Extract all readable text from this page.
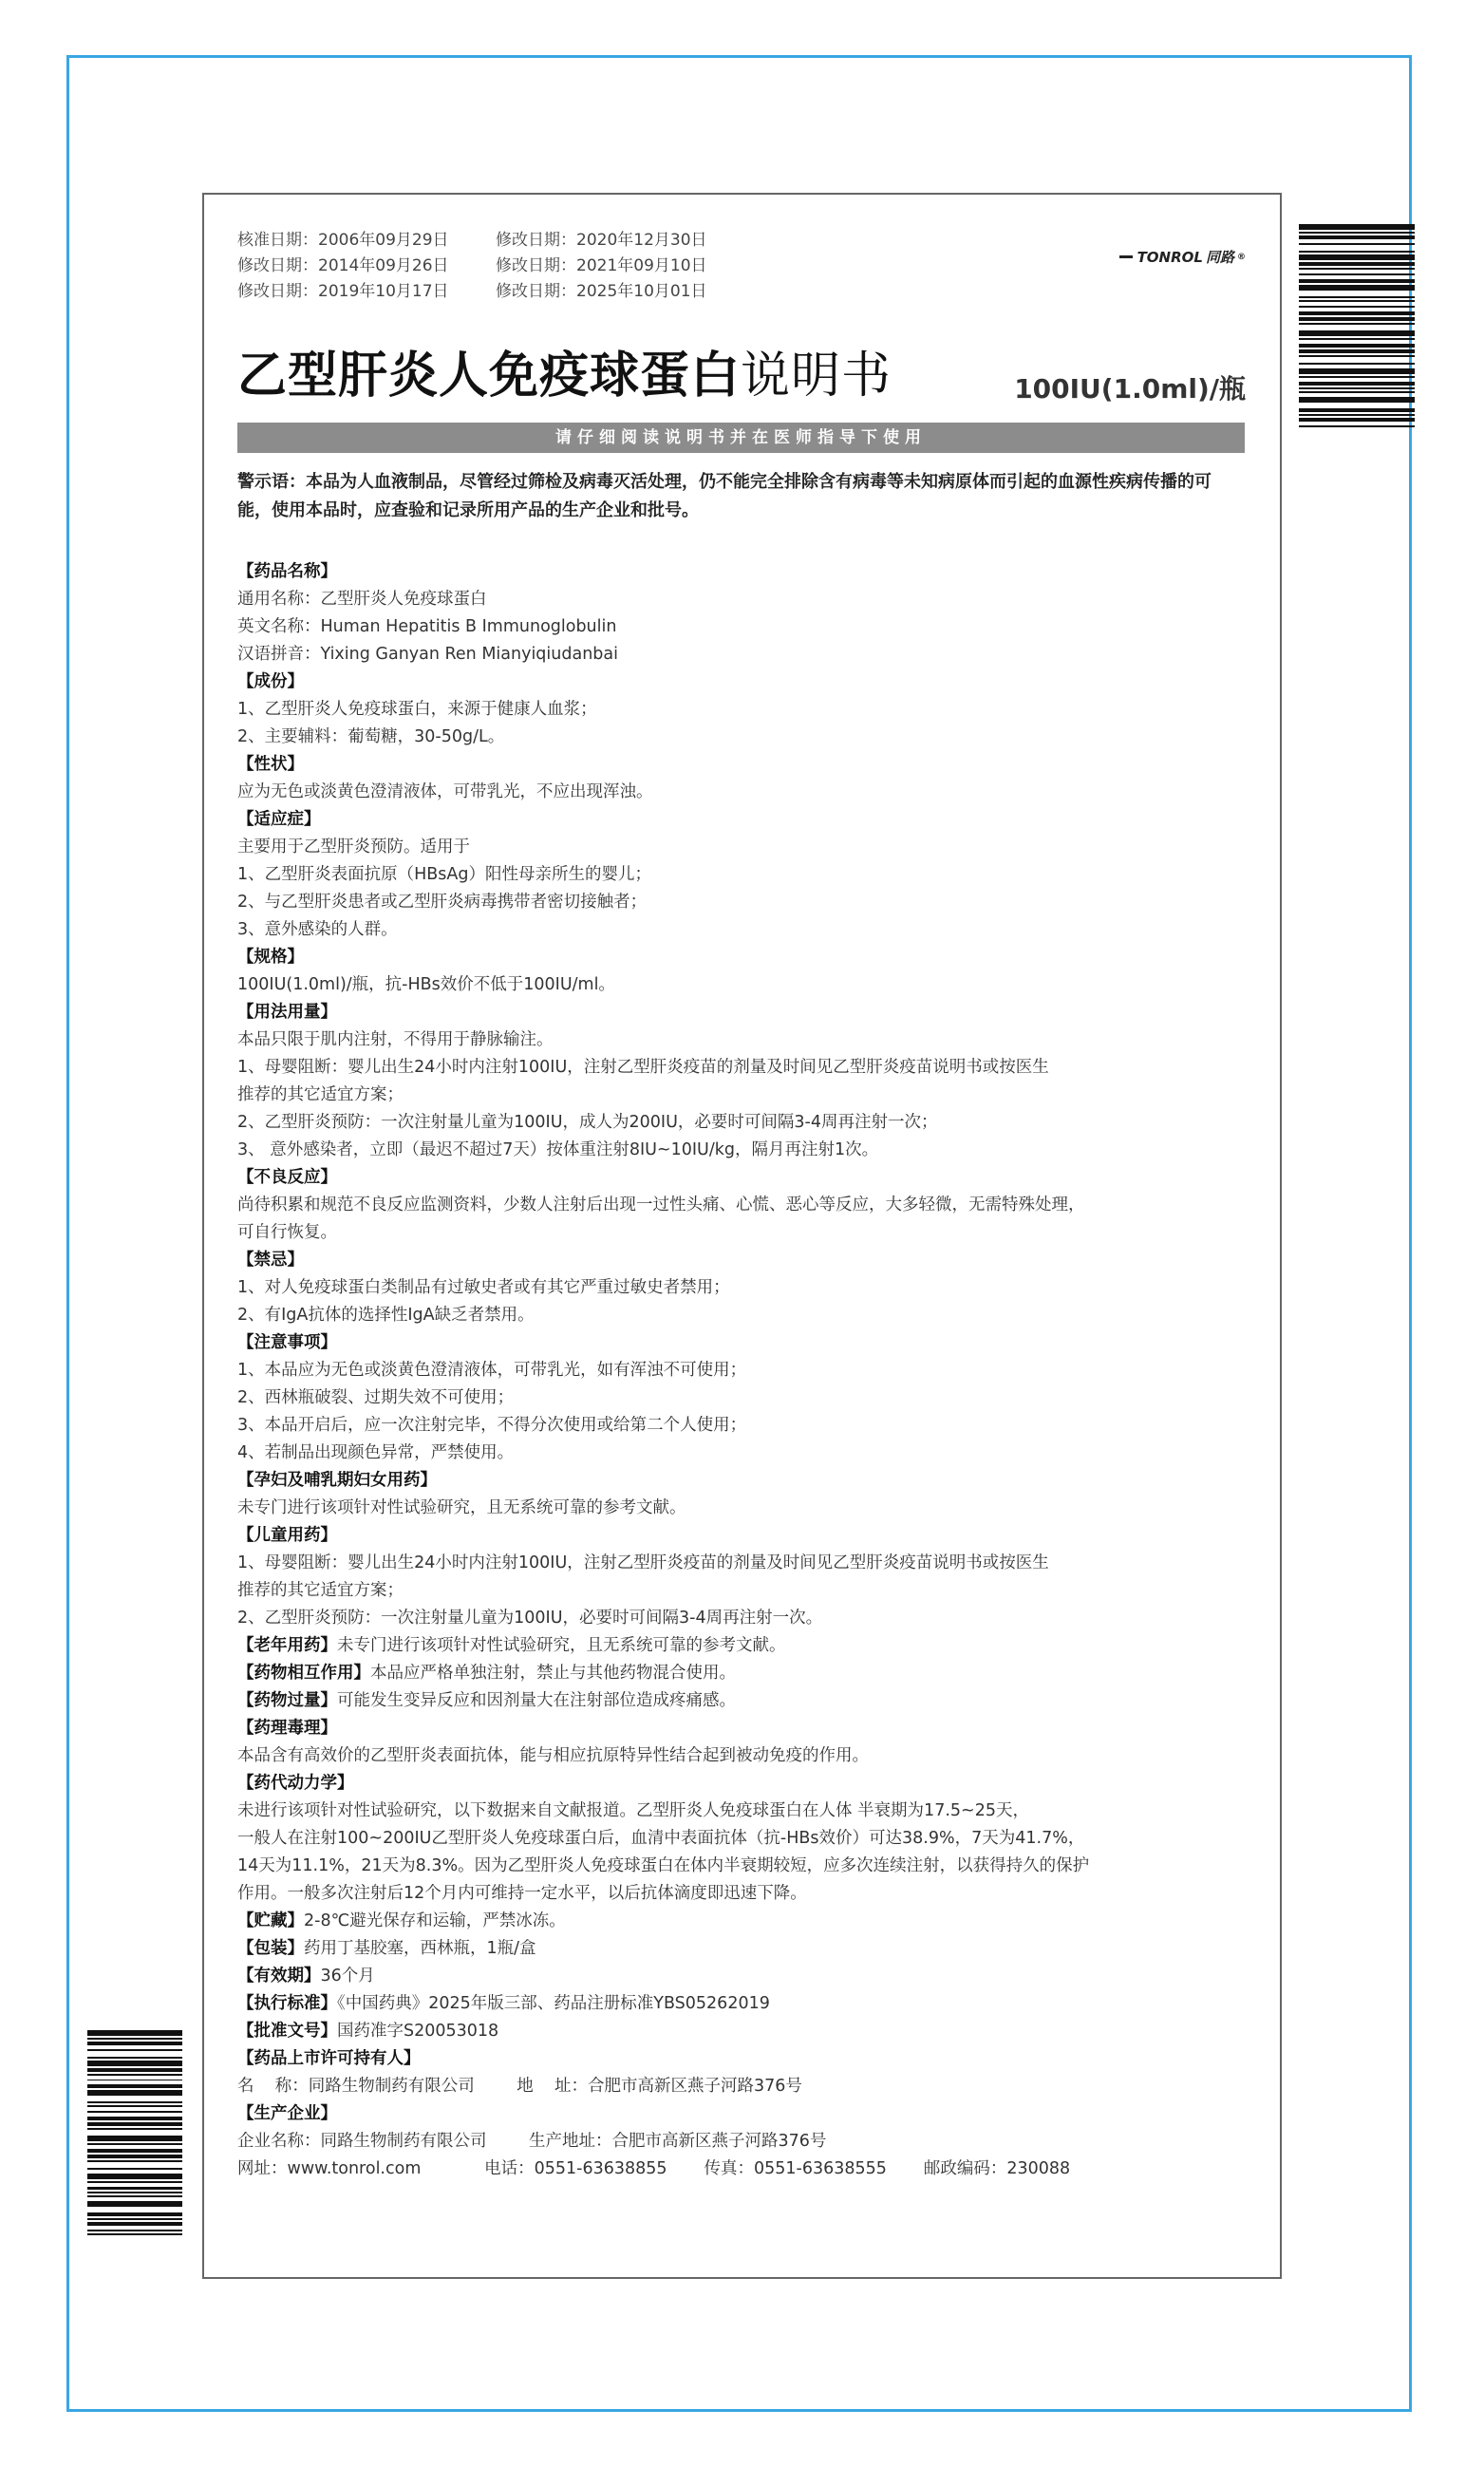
核准日期：2006年09月29日	修改日期：2020年12月30日
修改日期：2014年09月26日	修改日期：2021年09月10日
修改日期：2019年10月17日	修改日期：2025年10月01日
TONROL 同路 ®
乙型肝炎人免疫球蛋白说明书	100IU(1.0ml)/瓶
请仔细阅读说明书并在医师指导下使用
警示语：本品为人血液制品，尽管经过筛检及病毒灭活处理，仍不能完全排除含有病毒等未知病原体而引起的血源性疾病传播的可能，使用本品时，应查验和记录所用产品的生产企业和批号。

【药品名称】

通用名称：乙型肝炎人免疫球蛋白

英文名称：Human Hepatitis B Immunoglobulin

汉语拼音：Yixing Ganyan Ren Mianyiqiudanbai

【成份】

1、乙型肝炎人免疫球蛋白，来源于健康人血浆；

2、主要辅料：葡萄糖，30-50g/L。

【性状】

应为无色或淡黄色澄清液体，可带乳光，不应出现浑浊。

【适应症】

主要用于乙型肝炎预防。适用于

1、乙型肝炎表面抗原（HBsAg）阳性母亲所生的婴儿；

2、与乙型肝炎患者或乙型肝炎病毒携带者密切接触者；

3、意外感染的人群。

【规格】

100IU(1.0ml)/瓶，抗-HBs效价不低于100IU/ml。

【用法用量】

本品只限于肌内注射，不得用于静脉输注。

1、母婴阻断：婴儿出生24小时内注射100IU，注射乙型肝炎疫苗的剂量及时间见乙型肝炎疫苗说明书或按医生

推荐的其它适宜方案；

2、乙型肝炎预防：一次注射量儿童为100IU，成人为200IU，必要时可间隔3-4周再注射一次；

3、 意外感染者，立即（最迟不超过7天）按体重注射8IU~10IU/kg，隔月再注射1次。

【不良反应】

尚待积累和规范不良反应监测资料，少数人注射后出现一过性头痛、心慌、恶心等反应，大多轻微，无需特殊处理，

可自行恢复。

【禁忌】

1、对人免疫球蛋白类制品有过敏史者或有其它严重过敏史者禁用；

2、有IgA抗体的选择性IgA缺乏者禁用。

【注意事项】

1、本品应为无色或淡黄色澄清液体，可带乳光，如有浑浊不可使用；

2、西林瓶破裂、过期失效不可使用；

3、本品开启后，应一次注射完毕，不得分次使用或给第二个人使用；

4、若制品出现颜色异常，严禁使用。

【孕妇及哺乳期妇女用药】

未专门进行该项针对性试验研究，且无系统可靠的参考文献。

【儿童用药】

1、母婴阻断：婴儿出生24小时内注射100IU，注射乙型肝炎疫苗的剂量及时间见乙型肝炎疫苗说明书或按医生

推荐的其它适宜方案；

2、乙型肝炎预防：一次注射量儿童为100IU，必要时可间隔3-4周再注射一次。

【老年用药】未专门进行该项针对性试验研究，且无系统可靠的参考文献。

【药物相互作用】本品应严格单独注射，禁止与其他药物混合使用。

【药物过量】可能发生变异反应和因剂量大在注射部位造成疼痛感。

【药理毒理】

本品含有高效价的乙型肝炎表面抗体，能与相应抗原特异性结合起到被动免疫的作用。

【药代动力学】

未进行该项针对性试验研究，以下数据来自文献报道。乙型肝炎人免疫球蛋白在人体 半衰期为17.5~25天，

一般人在注射100~200IU乙型肝炎人免疫球蛋白后，血清中表面抗体（抗-HBs效价）可达38.9%，7天为41.7%，

14天为11.1%，21天为8.3%。因为乙型肝炎人免疫球蛋白在体内半衰期较短，应多次连续注射，以获得持久的保护

作用。一般多次注射后12个月内可维持一定水平，以后抗体滴度即迅速下降。

【贮藏】2-8℃避光保存和运输，严禁冰冻。

【包装】药用丁基胶塞，西林瓶，1瓶/盒

【有效期】36个月

【执行标准】《中国药典》2025年版三部、药品注册标准YBS05262019

【批准文号】国药准字S20053018

【药品上市许可持有人】

名    称：同路生物制药有限公司        地    址：合肥市高新区燕子河路376号

【生产企业】

企业名称：同路生物制药有限公司        生产地址：合肥市高新区燕子河路376号

网址：www.tonrol.com            电话：0551-63638855       传真：0551-63638555       邮政编码：230088
